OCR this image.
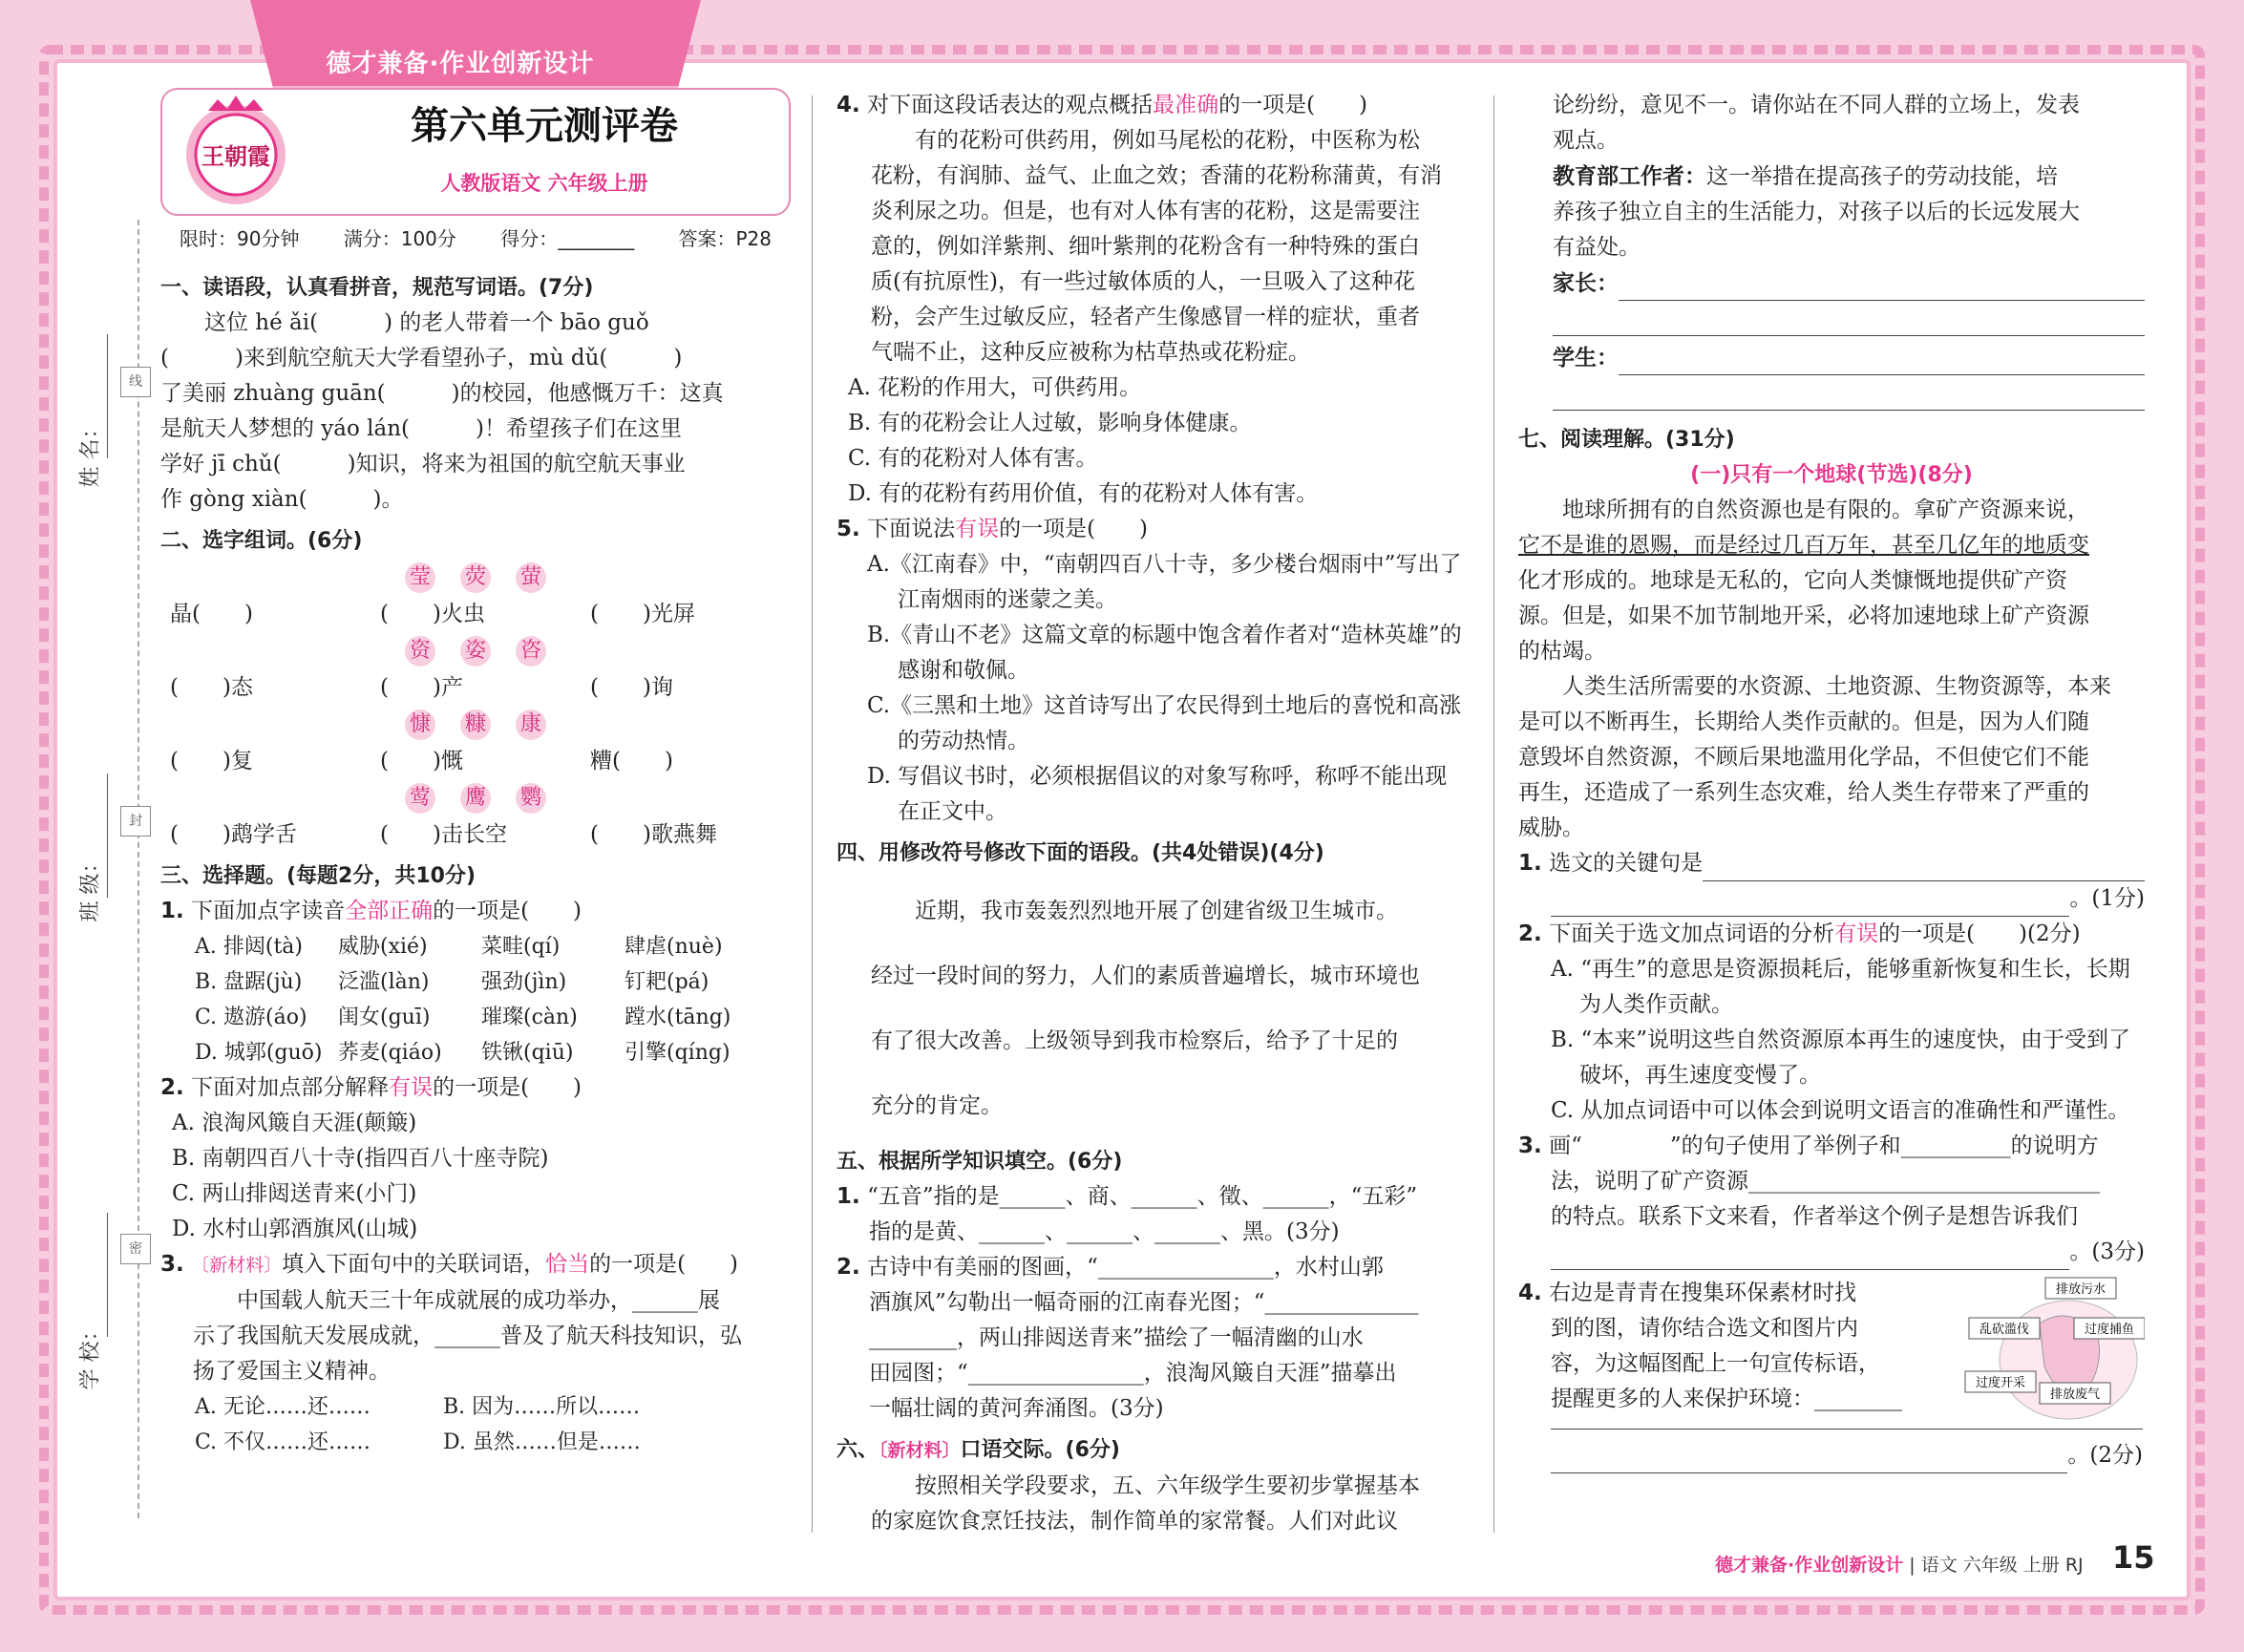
德才兼备·作业创新设计
线
封
密
王朝霞
第六单元测评卷
人教版语文 六年级上册
限时：90分钟 满分：100分 得分：________ 答案：P28
一、读语段，认真看拼音，规范写词语。(7分)
这位 hé ǎi(　　　) 的老人带着一个 bāo guǒ
(　　　)来到航空航天大学看望孙子，mù dǔ(　　　)
了美丽 zhuàng guān(　　　)的校园，他感慨万千：这真
是航天人梦想的 yáo lán(　　　)！希望孩子们在这里
学好 jī chǔ(　　　)知识，将来为祖国的航空航天事业
作 gòng xiàn(　　　)。
二、选字组词。(6分)
莹 荧 萤
晶(　　)	(　　)火虫	(　　)光屏
资 姿 咨
(　　)态	(　　)产	(　　)询
慷 糠 康
(　　)复	(　　)慨	糟(　　)
莺 鹰 鹦
(　　)鹉学舌	(　　)击长空	(　　)歌燕舞
三、选择题。(每题2分，共10分)
1. 下面加点字读音全部正确的一项是(　　)
A. 排闼(tà)	威胁(xié)	菜畦(qí)	肆虐(nuè)
B. 盘踞(jù)	泛滥(làn)	强劲(jìn)	钉耙(pá)
C. 遨游(áo)	闺女(guī)	璀璨(càn)	蹚水(tāng)
D. 城郭(guō) 荞麦(qiáo)	铁锹(qiū)	引擎(qíng)
2. 下面对加点部分解释有误的一项是(　　)
A. 浪淘风簸自天涯(颠簸)
B. 南朝四百八十寺(指四百八十座寺院)
C. 两山排闼送青来(小门)
D. 水村山郭酒旗风(山城)
3. 〔新材料〕填入下面句中的关联词语，恰当的一项是(　　)
中国载人航天三十年成就展的成功举办，______展
示了我国航天发展成就，______普及了航天科技知识，弘
扬了爱国主义精神。
A. 无论……还……	B. 因为……所以……
C. 不仅……还……	D. 虽然……但是……
4. 对下面这段话表达的观点概括最准确的一项是(　　)
有的花粉可供药用，例如马尾松的花粉，中医称为松
花粉，有润肺、益气、止血之效；香蒲的花粉称蒲黄，有消
炎利尿之功。但是，也有对人体有害的花粉，这是需要注
意的，例如洋紫荆、细叶紫荆的花粉含有一种特殊的蛋白
质(有抗原性)，有一些过敏体质的人，一旦吸入了这种花
粉，会产生过敏反应，轻者产生像感冒一样的症状，重者
气喘不止，这种反应被称为枯草热或花粉症。
A. 花粉的作用大，可供药用。
B. 有的花粉会让人过敏，影响身体健康。
C. 有的花粉对人体有害。
D. 有的花粉有药用价值，有的花粉对人体有害。
5. 下面说法有误的一项是(　　)
A.《江南春》中，“南朝四百八十寺，多少楼台烟雨中”写出了江南烟雨的迷蒙之美。
B.《青山不老》这篇文章的标题中饱含着作者对“造林英雄”的感谢和敬佩。
C.《三黑和土地》这首诗写出了农民得到土地后的喜悦和高涨的劳动热情。
D. 写倡议书时，必须根据倡议的对象写称呼，称呼不能出现在正文中。
四、用修改符号修改下面的语段。(共4处错误)(4分)
近期，我市轰轰烈烈地开展了创建省级卫生城市。
经过一段时间的努力，人们的素质普遍增长，城市环境也
有了很大改善。上级领导到我市检察后，给予了十足的
充分的肯定。
五、根据所学知识填空。(6分)
1. “五音”指的是______、商、______、徵、______，“五彩”
指的是黄、______、______、______、黑。(3分)
2. 古诗中有美丽的图画，“________________，水村山郭
酒旗风”勾勒出一幅奇丽的江南春光图；“______________
________，两山排闼送青来”描绘了一幅清幽的山水
田园图；“________________，浪淘风簸自天涯”描摹出
一幅壮阔的黄河奔涌图。(3分)
六、〔新材料〕口语交际。(6分)
按照相关学段要求，五、六年级学生要初步掌握基本
的家庭饮食烹饪技法，制作简单的家常餐。人们对此议
论纷纷，意见不一。请你站在不同人群的立场上，发表
观点。
教育部工作者：这一举措在提高孩子的劳动技能，培
养孩子独立自主的生活能力，对孩子以后的长远发展大
有益处。
家长：
学生：
七、阅读理解。(31分)
(一)只有一个地球(节选)(8分)
地球所拥有的自然资源也是有限的。拿矿产资源来说，
它不是谁的恩赐，而是经过几百万年，甚至几亿年的地质变
化才形成的。地球是无私的，它向人类慷慨地提供矿产资
源。但是，如果不加节制地开采，必将加速地球上矿产资源
的枯竭。
人类生活所需要的水资源、土地资源、生物资源等，本来
是可以不断再生，长期给人类作贡献的。但是，因为人们随
意毁坏自然资源，不顾后果地滥用化学品，不但使它们不能
再生，还造成了一系列生态灾难，给人类生存带来了严重的
威胁。
1.
选文的关键句是
。(1分)
2. 下面关于选文加点词语的分析有误的一项是(　　)(2分)
A. “再生”的意思是资源损耗后，能够重新恢复和生长，长期为人类作贡献。
B. “本来”说明这些自然资源原本再生的速度快，由于受到了破坏，再生速度变慢了。
C. 从加点词语中可以体会到说明文语言的准确性和严谨性。
3. 画“　　　　”的句子使用了举例子和__________的说明方
法，说明了矿产资源________________________________
的特点。联系下文来看，作者举这个例子是想告诉我们
。(3分)
4. 右边是青青在搜集环保素材时找
到的图，请你结合选文和图片内
容，为这幅图配上一句宣传标语，
提醒更多的人来保护环境：________
排放污水
乱砍滥伐	过度捕鱼
过度开采
排放废气
。(2分)
德才兼备·作业创新设计 | 语文 六年级 上册 RJ 15
